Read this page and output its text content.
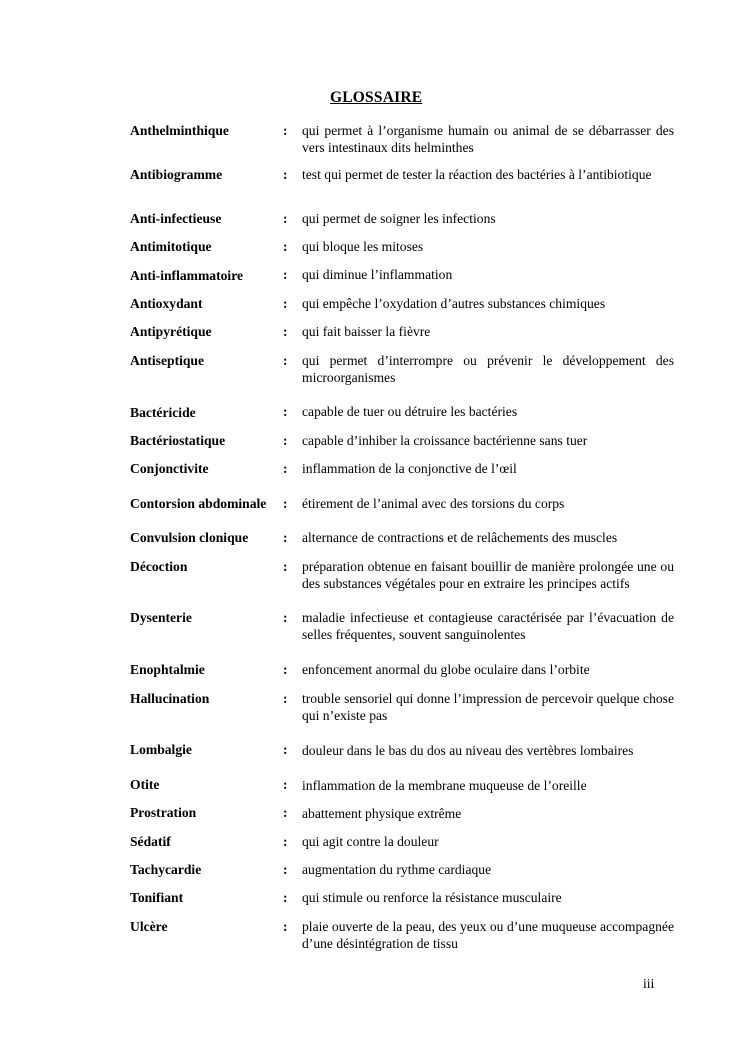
GLOSSAIRE
Anthelminthique	: qui permet à l’organisme humain ou animal de se débarrasser des vers intestinaux dits helminthes
Antibiogramme	: test qui permet de tester la réaction des bactéries à l’antibiotique
Anti-infectieuse	: qui permet de soigner les infections
Antimitotique	: qui bloque les mitoses
Anti-inflammatoire	: qui diminue l’inflammation
Antioxydant	: qui empêche l’oxydation d’autres substances chimiques
Antipyrétique	: qui fait baisser la fièvre
Antiseptique	: qui permet d’interrompre ou prévenir le développement des microorganismes
Bactéricide	: capable de tuer ou détruire les bactéries
Bactériostatique	: capable d’inhiber la croissance bactérienne sans tuer
Conjonctivite	: inflammation de la conjonctive de l’œil
Contorsion abdominale : étirement de l’animal avec des torsions du corps
Convulsion clonique	: alternance de contractions et de relâchements des muscles
Décoction	: préparation obtenue en faisant bouillir de manière prolongée une ou des substances végétales pour en extraire les principes actifs
Dysenterie	: maladie infectieuse et contagieuse caractérisée par l’évacuation de selles fréquentes, souvent sanguinolentes
Enophtalmie	: enfoncement anormal du globe oculaire dans l’orbite
Hallucination	: trouble sensoriel qui donne l’impression de percevoir quelque chose qui n’existe pas
Lombalgie	: douleur dans le bas du dos au niveau des vertèbres lombaires
Otite	: inflammation de la membrane muqueuse de l’oreille
Prostration	: abattement physique extrême
Sédatif	: qui agit contre la douleur
Tachycardie	: augmentation du rythme cardiaque
Tonifiant	: qui stimule ou renforce la résistance musculaire
Ulcère	: plaie ouverte de la peau, des yeux ou d’une muqueuse accompagnée d’une désintégration de tissu
iii
